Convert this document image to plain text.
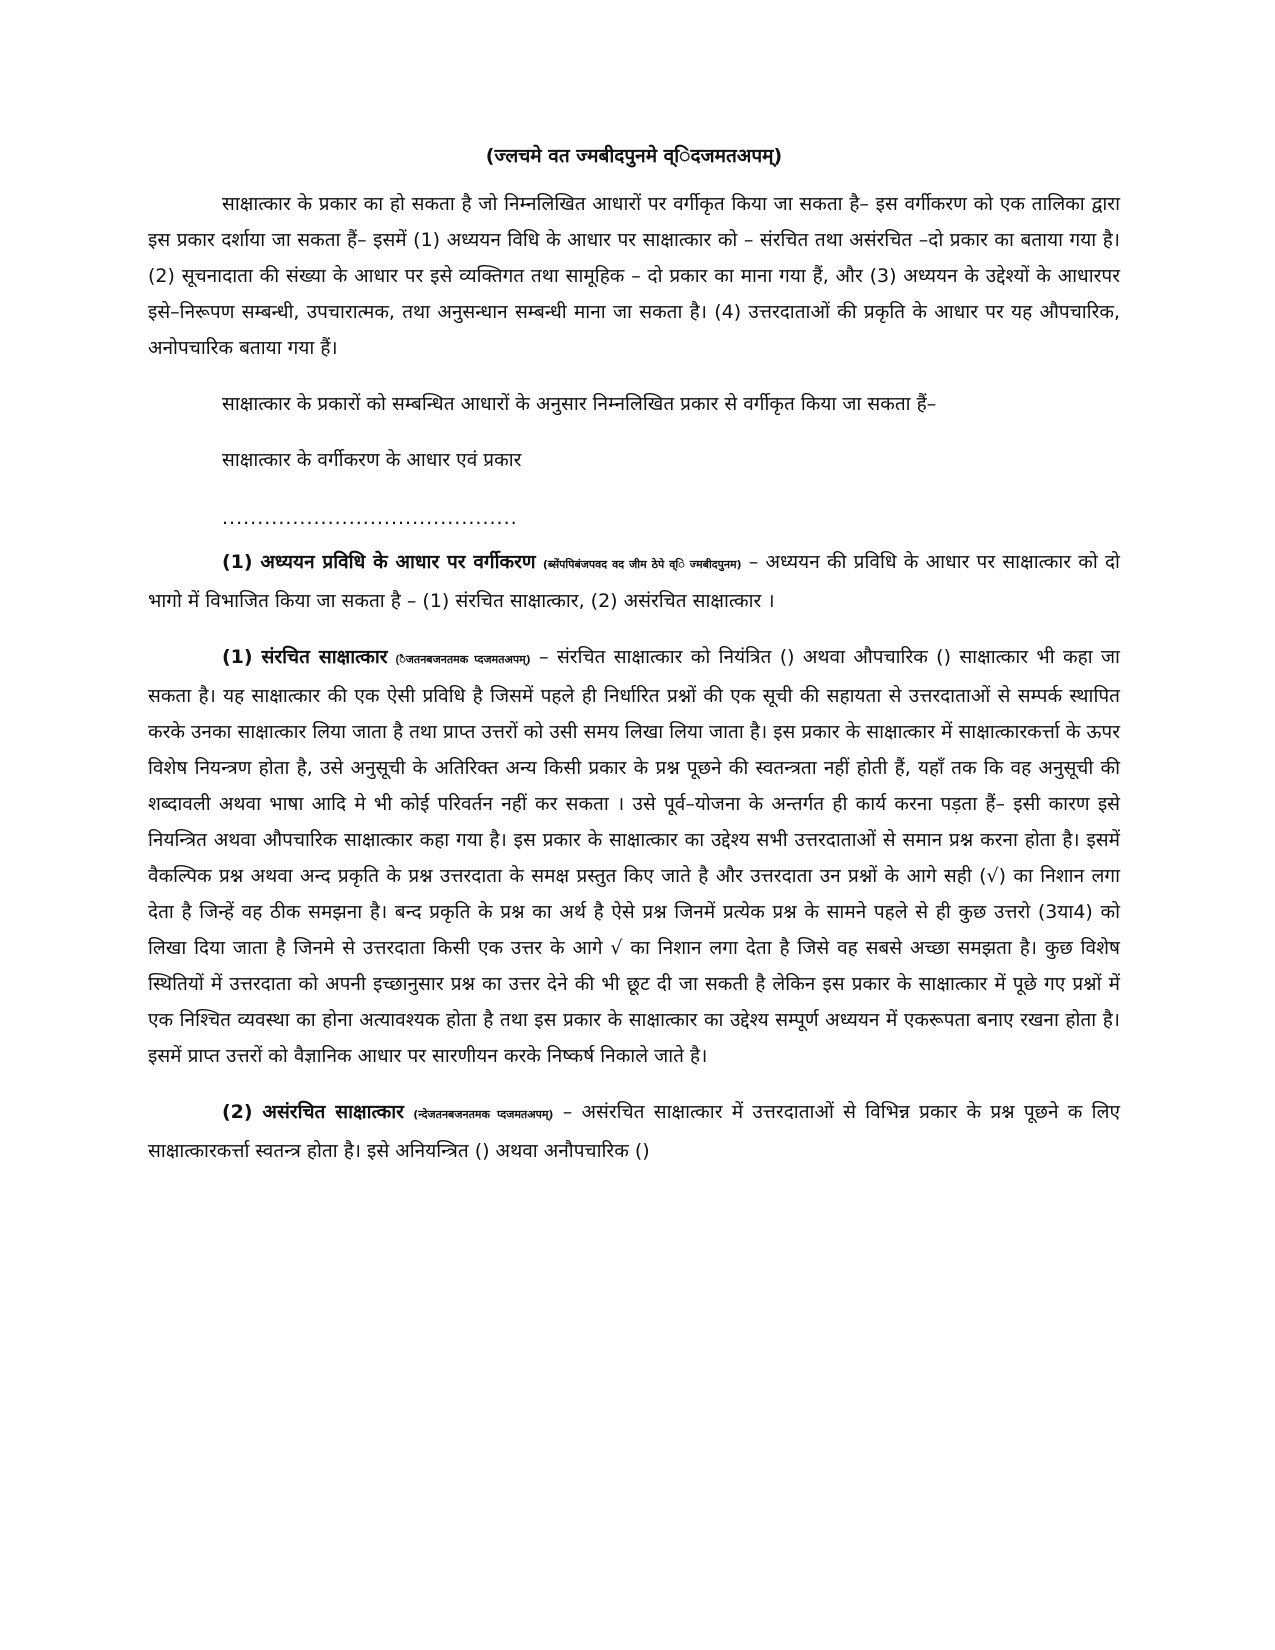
(ज्लचमे वत ज्मबीदपुनमे व्िदजमतअपम्)

साक्षात्कार के प्रकार का हो सकता है जो निम्नलिखित आधारों पर वर्गीकृत किया जा सकता है– इस वर्गीकरण को एक तालिका द्वारा इस प्रकार दर्शाया जा सकता हैं– इसमें (1) अध्ययन विधि के आधार पर साक्षात्कार को – संरचित तथा असंरचित –दो प्रकार का बताया गया है। (2) सूचनादाता की संख्या के आधार पर इसे व्यक्तिगत तथा सामूहिक – दो प्रकार का माना गया हैं, और (3) अध्ययन के उद्देश्यों के आधारपर इसे–निरूपण सम्बन्धी, उपचारात्मक, तथा अनुसन्धान सम्बन्धी माना जा सकता है। (4) उत्तरदाताओं की प्रकृति के आधार पर यह औपचारिक, अनोपचारिक बताया गया हैं।

साक्षात्कार के प्रकारों को सम्बन्धित आधारों के अनुसार निम्नलिखित प्रकार से वर्गीकृत किया जा सकता हैं–

साक्षात्कार के वर्गीकरण के आधार एवं प्रकार

..........................................

(1) अध्ययन प्रविधि के आधार पर वर्गीकरण (ब्सेंपपिबंजपवद वद जीम ठेपे व्ि ज्मबीदपुनम) – अध्ययन की प्रविधि के आधार पर साक्षात्कार को दो भागो में विभाजित किया जा सकता है – (1) संरचित साक्षात्कार, (2) असंरचित साक्षात्कार ।

(1) संरचित साक्षात्कार (ैजतनबजनतमक प्दजमतअपम्) – संरचित साक्षात्कार को नियंत्रित () अथवा औपचारिक () साक्षात्कार भी कहा जा सकता है। यह साक्षात्कार की एक ऐसी प्रविधि है जिसमें पहले ही निर्धारित प्रश्नों की एक सूची की सहायता से उत्तरदाताओं से सम्पर्क स्थापित करके उनका साक्षात्कार लिया जाता है तथा प्राप्त उत्तरों को उसी समय लिखा लिया जाता है। इस प्रकार के साक्षात्कार में साक्षात्कारकर्त्ता के ऊपर विशेष नियन्त्रण होता है, उसे अनुसूची के अतिरिक्त अन्य किसी प्रकार के प्रश्न पूछने की स्वतन्त्रता नहीं होती हैं, यहाँ तक कि वह अनुसूची की शब्दावली अथवा भाषा आदि मे भी कोई परिवर्तन नहीं कर सकता । उसे पूर्व–योजना के अन्तर्गत ही कार्य करना पड़ता हैं– इसी कारण इसे नियन्त्रित अथवा औपचारिक साक्षात्कार कहा गया है। इस प्रकार के साक्षात्कार का उद्देश्य सभी उत्तरदाताओं से समान प्रश्न करना होता है। इसमें वैकल्पिक प्रश्न अथवा अन्द प्रकृति के प्रश्न उत्तरदाता के समक्ष प्रस्तुत किए जाते है और उत्तरदाता उन प्रश्नों के आगे सही (√) का निशान लगा देता है जिन्हें वह ठीक समझना है। बन्द प्रकृति के प्रश्न का अर्थ है ऐसे प्रश्न जिनमें प्रत्येक प्रश्न के सामने पहले से ही कुछ उत्तरो (3या4) को लिखा दिया जाता है जिनमे से उत्तरदाता किसी एक उत्तर के आगे √ का निशान लगा देता है जिसे वह सबसे अच्छा समझता है। कुछ विशेष स्थितियों में उत्तरदाता को अपनी इच्छानुसार प्रश्न का उत्तर देने की भी छूट दी जा सकती है लेकिन इस प्रकार के साक्षात्कार में पूछे गए प्रश्नों में एक निश्चित व्यवस्था का होना अत्यावश्यक होता है तथा इस प्रकार के साक्षात्कार का उद्देश्य सम्पूर्ण अध्ययन में एकरूपता बनाए रखना होता है। इसमें प्राप्त उत्तरों को वैज्ञानिक आधार पर सारणीयन करके निष्कर्ष निकाले जाते है।

(2) असंरचित साक्षात्कार (न्देजतनबजनतमक प्दजमतअपम्) – असंरचित साक्षात्कार में उत्तरदाताओं से विभिन्न प्रकार के प्रश्न पूछने क लिए साक्षात्कारकर्त्ता स्वतन्त्र होता है। इसे अनियन्त्रित () अथवा अनौपचारिक ()
